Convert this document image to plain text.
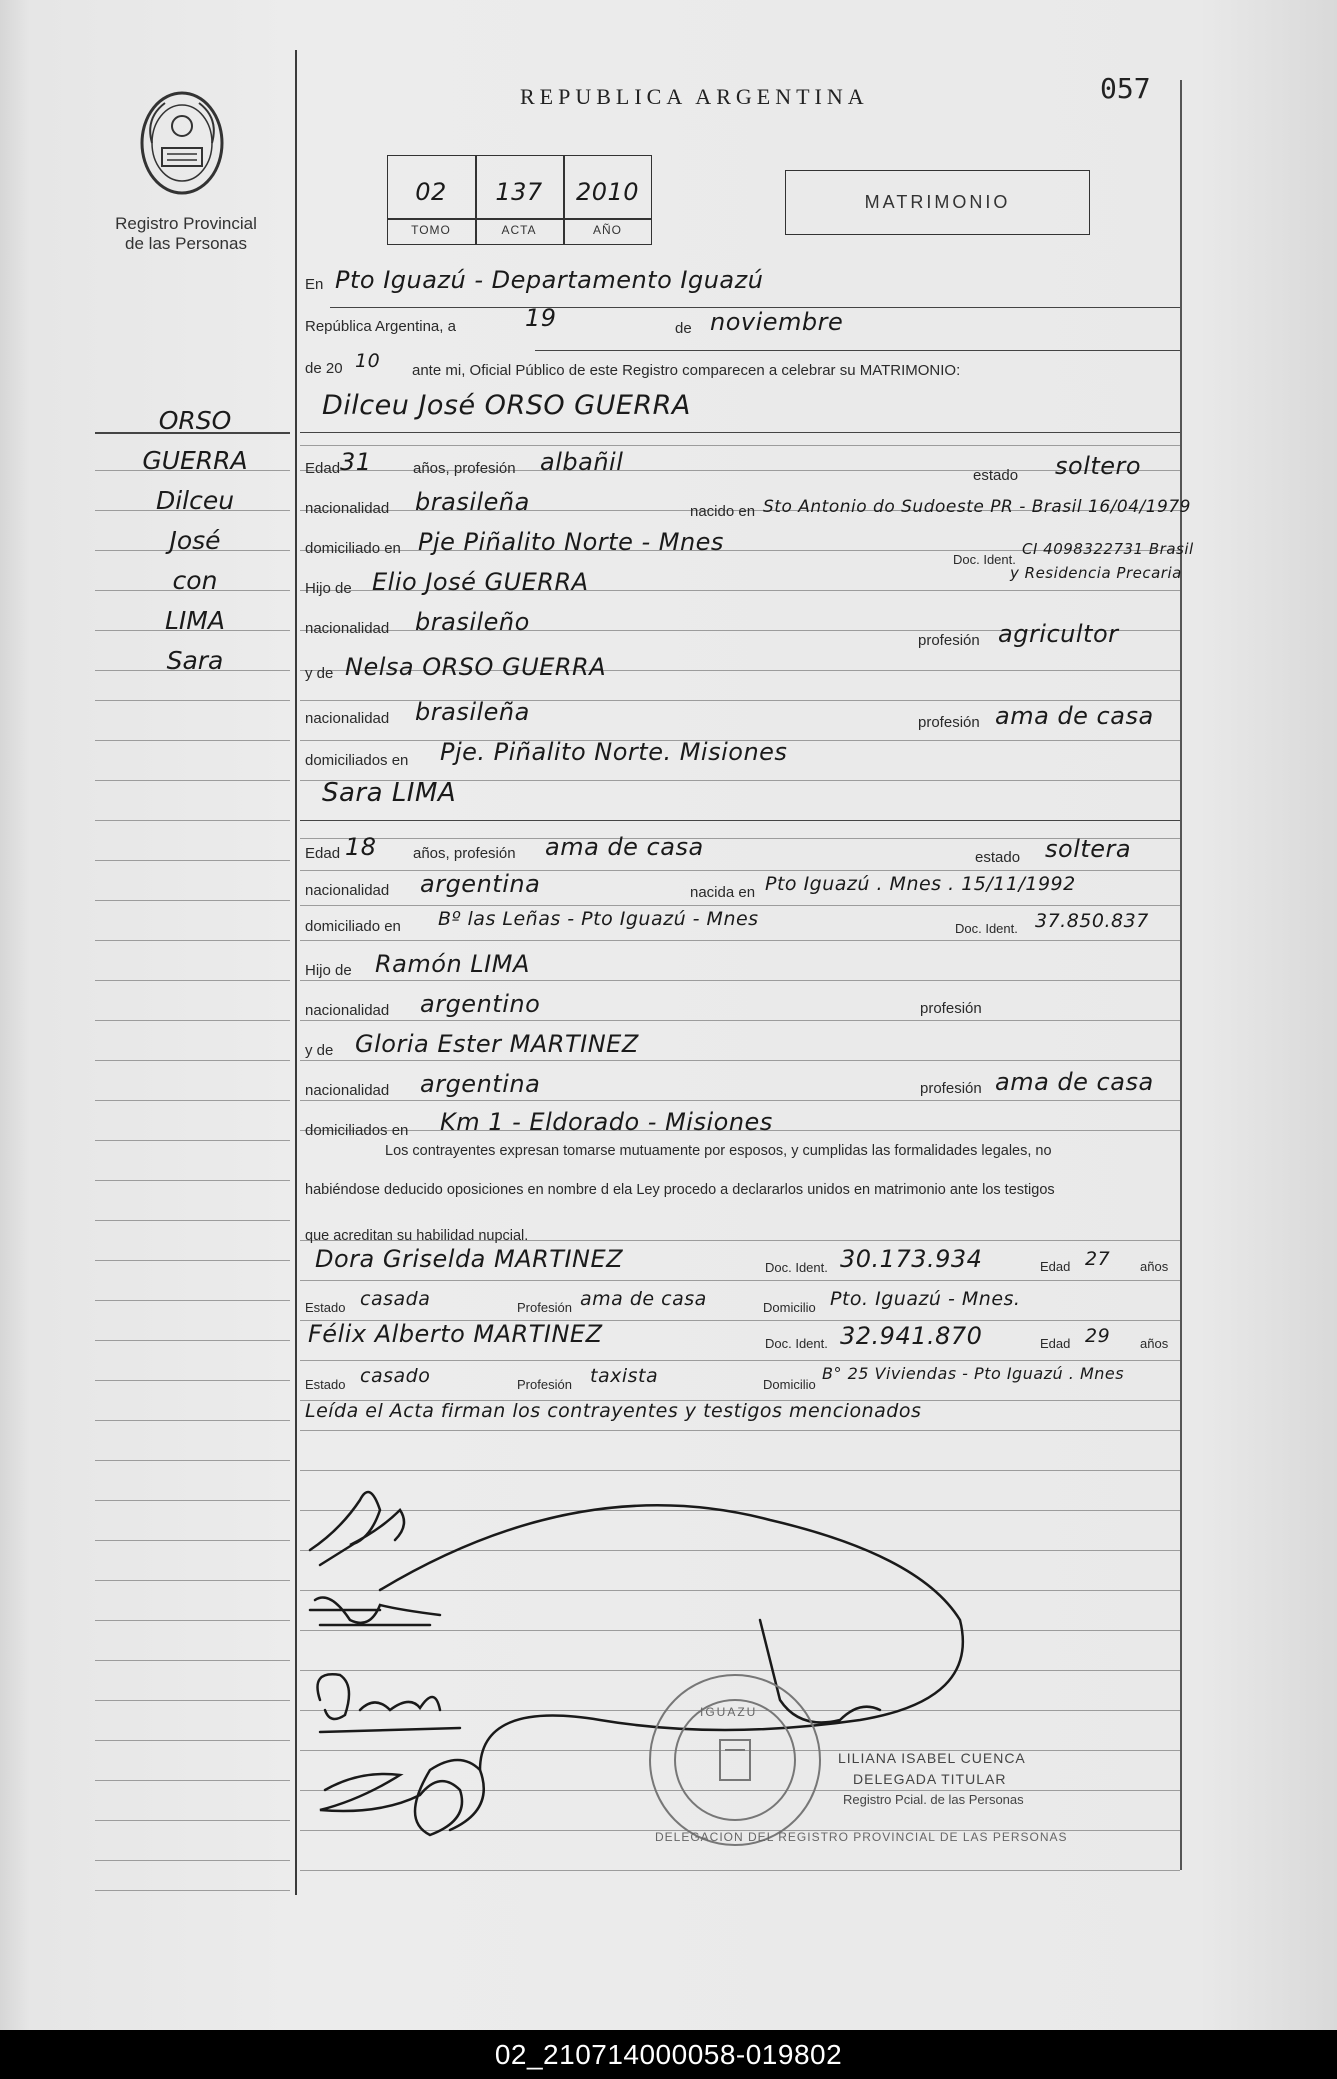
Registro Provincial
de las Personas
REPUBLICA ARGENTINA	057
02	137	2010
TOMO	ACTA	AÑO
MATRIMONIO
ORSO
GUERRA
Dilceu
José
con
LIMA
Sara
En Pto Iguazú - Departamento Iguazú
República Argentina, a	19	de noviembre
de 20 10 ante mi, Oficial Público de este Registro comparecen a celebrar su MATRIMONIO:
Dilceu José ORSO GUERRA
Edad 31	años, profesión albañil	estado soltero
nacionalidad brasileña	nacido en Sto Antonio do Sudoeste PR - Brasil 16/04/1979
domiciliado en Pje Piñalito Norte - Mnes
Doc. Ident.
CI 4098322731 Brasil
y Residencia Precaria
Hijo de Elio José GUERRA
nacionalidad brasileño
profesión agricultor
y de Nelsa ORSO GUERRA
nacionalidad brasileña	profesión ama de casa
domiciliados en Pje. Piñalito Norte. Misiones
Sara LIMA
Edad 18 años, profesión ama de casa	estado soltera
nacionalidad argentina	nacida en Pto Iguazú . Mnes . 15/11/1992
domiciliado en Bº las Leñas - Pto Iguazú - Mnes	Doc. Ident. 37.850.837
Hijo de Ramón LIMA
nacionalidad argentino	profesión
y de Gloria Ester MARTINEZ
nacionalidad argentina	profesión ama de casa
domiciliados en Km 1 - Eldorado - Misiones
Los contrayentes expresan tomarse mutuamente por esposos, y cumplidas las formalidades legales, no
habiéndose deducido oposiciones en nombre d ela Ley procedo a declararlos unidos en matrimonio ante los testigos
que acreditan su habilidad nupcial.
Dora Griselda MARTINEZ	Doc. Ident. 30.173.934	Edad 27 años
Estado casada	Profesión ama de casa	Domicilio Pto. Iguazú - Mnes.
Félix Alberto MARTINEZ	Doc. Ident. 32.941.870	Edad 29 años
Estado casado	Profesión taxista	Domicilio
B° 25 Viviendas - Pto Iguazú . Mnes
Leída el Acta firman los contrayentes y testigos mencionados
DELEGACION DEL REGISTRO PROVINCIAL DE LAS PERSONAS
IGUAZU
LILIANA ISABEL CUENCA
DELEGADA TITULAR
Registro Pcial. de las Personas
02_210714000058-019802
